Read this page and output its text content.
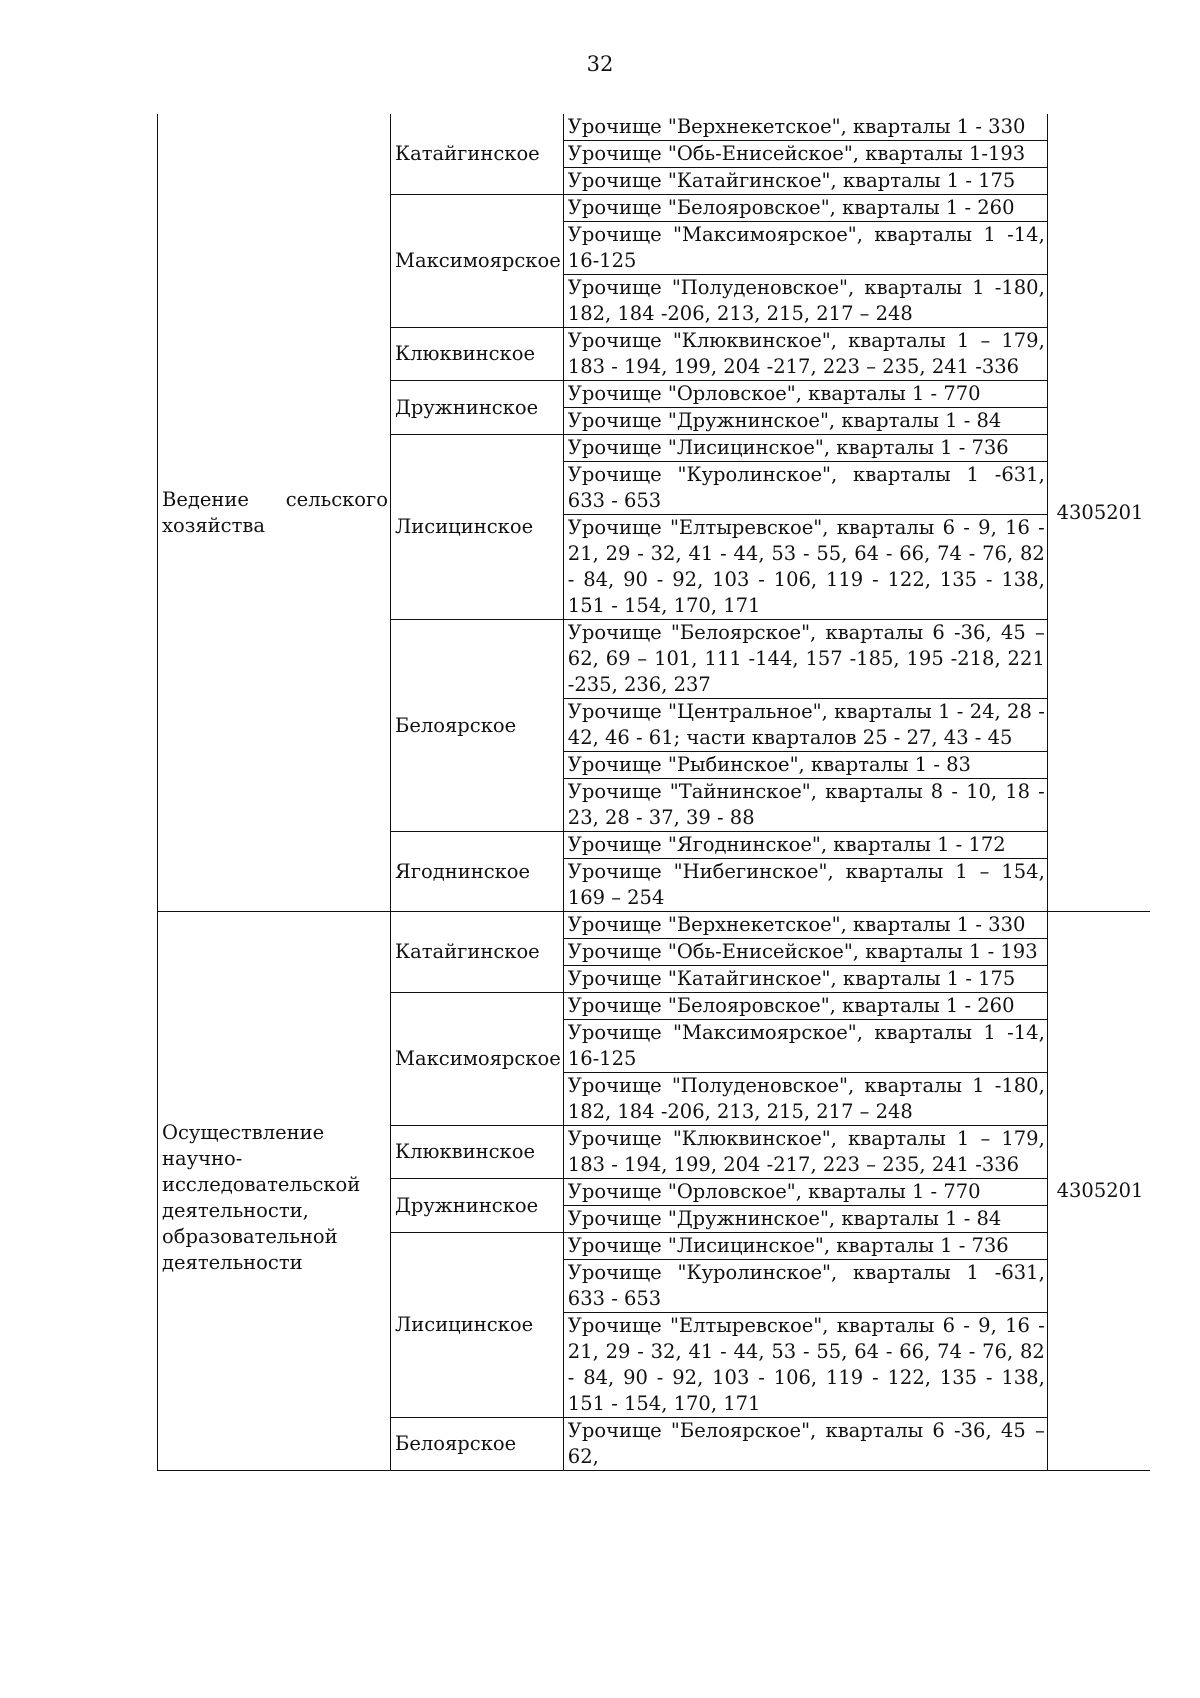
32
Ведение сельского хозяйства	Катайгинское	Урочище "Верхнекетское", кварталы 1 - 330	4305201
		Урочище "Обь-Енисейское", кварталы 1-193	
		Урочище "Катайгинское", кварталы 1 - 175	
	Максимоярское	Урочище "Белояровское", кварталы 1 - 260	
		Урочище "Максимоярское", кварталы 1 -14, 16-125	
		Урочище "Полуденовское", кварталы 1 -180, 182, 184 -206, 213, 215, 217 – 248	
	Клюквинское	Урочище "Клюквинское", кварталы 1 – 179, 183 - 194, 199, 204 -217, 223 – 235, 241 -336	
	Дружнинское	Урочище "Орловское", кварталы 1 - 770	
		Урочище "Дружнинское", кварталы 1 - 84	
	Лисицинское	Урочище "Лисицинское", кварталы 1 - 736	
		Урочище "Куролинское", кварталы 1 -631, 633 - 653	
		Урочище "Елтыревское", кварталы 6 - 9, 16 - 21, 29 - 32, 41 - 44, 53 - 55, 64 - 66, 74 - 76, 82 - 84, 90 - 92, 103 - 106, 119 - 122, 135 - 138, 151 - 154, 170, 171	
	Белоярское	Урочище "Белоярское", кварталы 6 -36, 45 – 62, 69 – 101, 111 -144, 157 -185, 195 -218, 221 -235, 236, 237	
		Урочище "Центральное", кварталы 1 - 24, 28 - 42, 46 - 61; части кварталов 25 - 27, 43 - 45	
		Урочище "Рыбинское", кварталы 1 - 83	
		Урочище "Тайнинское", кварталы 8 - 10, 18 - 23, 28 - 37, 39 - 88	
	Ягоднинское	Урочище "Ягоднинское", кварталы 1 - 172	
		Урочище "Нибегинское", кварталы 1 – 154, 169 – 254	
Осуществление научно-исследовательской деятельности, образовательной деятельности	Катайгинское	Урочище "Верхнекетское", кварталы 1 - 330	4305201
		Урочище "Обь-Енисейское", кварталы 1 - 193	
		Урочище "Катайгинское", кварталы 1 - 175	
	Максимоярское	Урочище "Белояровское", кварталы 1 - 260	
		Урочище "Максимоярское", кварталы 1 -14, 16-125	
		Урочище "Полуденовское", кварталы 1 -180, 182, 184 -206, 213, 215, 217 – 248	
	Клюквинское	Урочище "Клюквинское", кварталы 1 – 179, 183 - 194, 199, 204 -217, 223 – 235, 241 -336	
	Дружнинское	Урочище "Орловское", кварталы 1 - 770	
		Урочище "Дружнинское", кварталы 1 - 84	
	Лисицинское	Урочище "Лисицинское", кварталы 1 - 736	
		Урочище "Куролинское", кварталы 1 -631, 633 - 653	
		Урочище "Елтыревское", кварталы 6 - 9, 16 - 21, 29 - 32, 41 - 44, 53 - 55, 64 - 66, 74 - 76, 82 - 84, 90 - 92, 103 - 106, 119 - 122, 135 - 138, 151 - 154, 170, 171	
	Белоярское	Урочище "Белоярское", кварталы 6 -36, 45 – 62,	
